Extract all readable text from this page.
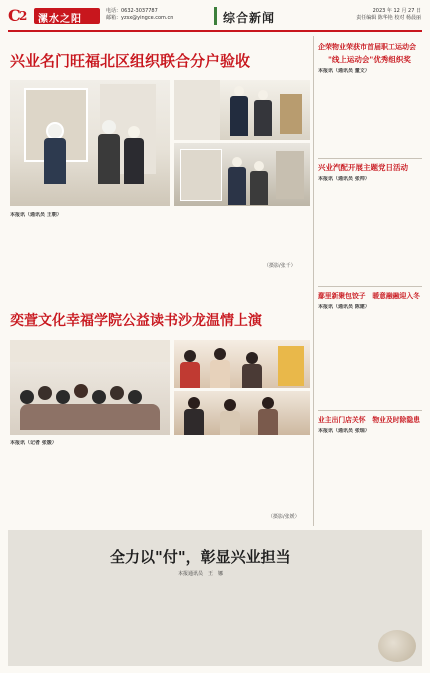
C
2 漯水之阳
电话：0632-3037787
邮箱：yzsx@yingce.com.cn	综合新闻	2023 年 12 月 27 日
责任编辑 陈华艳 校对 杨晨丽
兴业名门旺福北区组织联合分户验收
本报讯（通讯员 王朝）
（摄影/张千）
奕萱文化幸福学院公益读书沙龙温情上演
本报讯（记者 张媛）
（摄影/张媛）
企荣物业荣获市首届职工运动会
"线上运动会"优秀组织奖
本报讯（通讯员 董文）
兴业汽配开展主题党日活动
本报讯（通讯员 张帅）
鄢里新聚包饺子　暖意融融迎入冬
本报讯（通讯员 陈建）
业主出门店关怀　物业及时除隐患
本报讯（通讯员 张瑞）
全力以"付"，彰显兴业担当
本报通讯员　王　娜
